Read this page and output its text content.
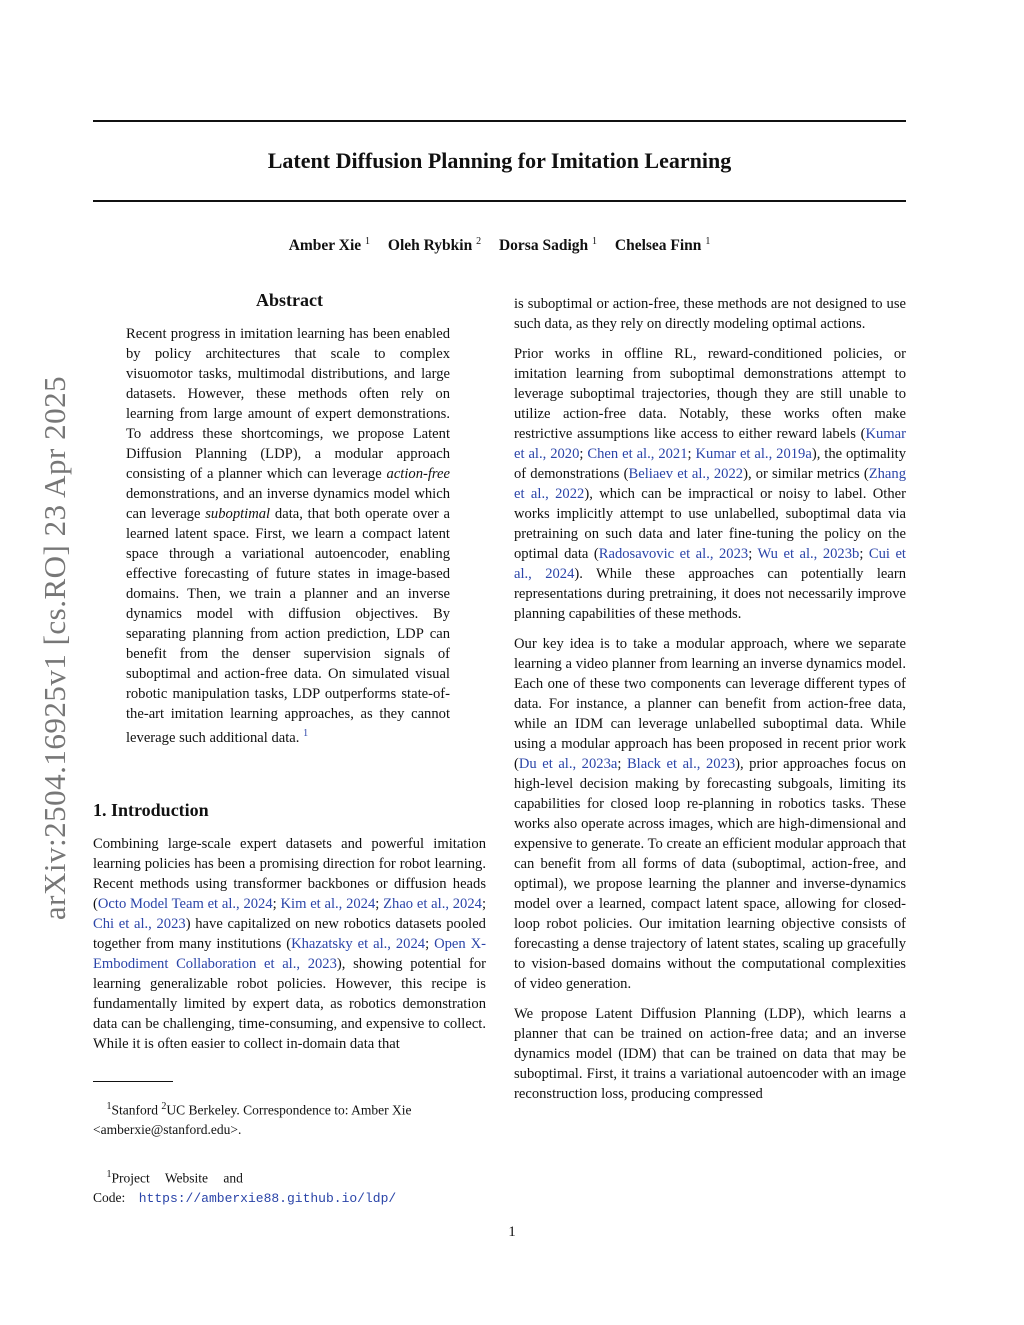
Latent Diffusion Planning for Imitation Learning
Amber Xie $^1$ Oleh Rybkin $^2$ Dorsa Sadigh $^1$ Chelsea Finn $^1$
arXiv:2504.16925v1 [cs.RO] 23 Apr 2025
Abstract
Recent progress in imitation learning has been enabled by policy architectures that scale to complex visuomotor tasks, multimodal distributions, and large datasets. However, these methods often rely on learning from large amount of expert demonstrations. To address these shortcomings, we propose Latent Diffusion Planning (LDP), a modular approach consisting of a planner which can leverage action-free demonstrations, and an inverse dynamics model which can leverage suboptimal data, that both operate over a learned latent space. First, we learn a compact latent space through a variational autoencoder, enabling effective forecasting of future states in image-based domains. Then, we train a planner and an inverse dynamics model with diffusion objectives. By separating planning from action prediction, LDP can benefit from the denser supervision signals of suboptimal and action-free data. On simulated visual robotic manipulation tasks, LDP outperforms state-of-the-art imitation learning approaches, as they cannot leverage such additional data. $^1$
1. Introduction

Combining large-scale expert datasets and powerful imitation learning policies has been a promising direction for robot learning. Recent methods using transformer backbones or diffusion heads (Octo Model Team et al., 2024; Kim et al., 2024; Zhao et al., 2024; Chi et al., 2023) have capitalized on new robotics datasets pooled together from many institutions (Khazatsky et al., 2024; Open X-Embodiment Collaboration et al., 2023), showing potential for learning generalizable robot policies. However, this recipe is fundamentally limited by expert data, as robotics demonstration data can be challenging, time-consuming, and expensive to collect. While it is often easier to collect in-domain data that

is suboptimal or action-free, these methods are not designed to use such data, as they rely on directly modeling optimal actions.

Prior works in offline RL, reward-conditioned policies, or imitation learning from suboptimal demonstrations attempt to leverage suboptimal trajectories, though they are still unable to utilize action-free data. Notably, these works often make restrictive assumptions like access to either reward labels (Kumar et al., 2020; Chen et al., 2021; Kumar et al., 2019a), the optimality of demonstrations (Beliaev et al., 2022), or similar metrics (Zhang et al., 2022), which can be impractical or noisy to label. Other works implicitly attempt to use unlabelled, suboptimal data via pretraining on such data and later fine-tuning the policy on the optimal data (Radosavovic et al., 2023; Wu et al., 2023b; Cui et al., 2024). While these approaches can potentially learn representations during pretraining, it does not necessarily improve planning capabilities of these methods.

Our key idea is to take a modular approach, where we separate learning a video planner from learning an inverse dynamics model. Each one of these two components can leverage different types of data. For instance, a planner can benefit from action-free data, while an IDM can leverage unlabelled suboptimal data. While using a modular approach has been proposed in recent prior work (Du et al., 2023a; Black et al., 2023), prior approaches focus on high-level decision making by forecasting subgoals, limiting its capabilities for closed loop re-planning in robotics tasks. These works also operate across images, which are high-dimensional and expensive to generate. To create an efficient modular approach that can benefit from all forms of data (suboptimal, action-free, and optimal), we propose learning the planner and inverse-dynamics model over a learned, compact latent space, allowing for closed-loop robot policies. Our imitation learning objective consists of forecasting a dense trajectory of latent states, scaling up gracefully to vision-based domains without the computational complexities of video generation.

We propose Latent Diffusion Planning (LDP), which learns a planner that can be trained on action-free data; and an inverse dynamics model (IDM) that can be trained on data that may be suboptimal. First, it trains a variational autoencoder with an image reconstruction loss, producing compressed

$^1$Stanford $^2$UC Berkeley. Correspondence to: Amber Xie <amberxie@stanford.edu>.
$^1$Project Website and Code: https://amberxie88.github.io/ldp/
1
